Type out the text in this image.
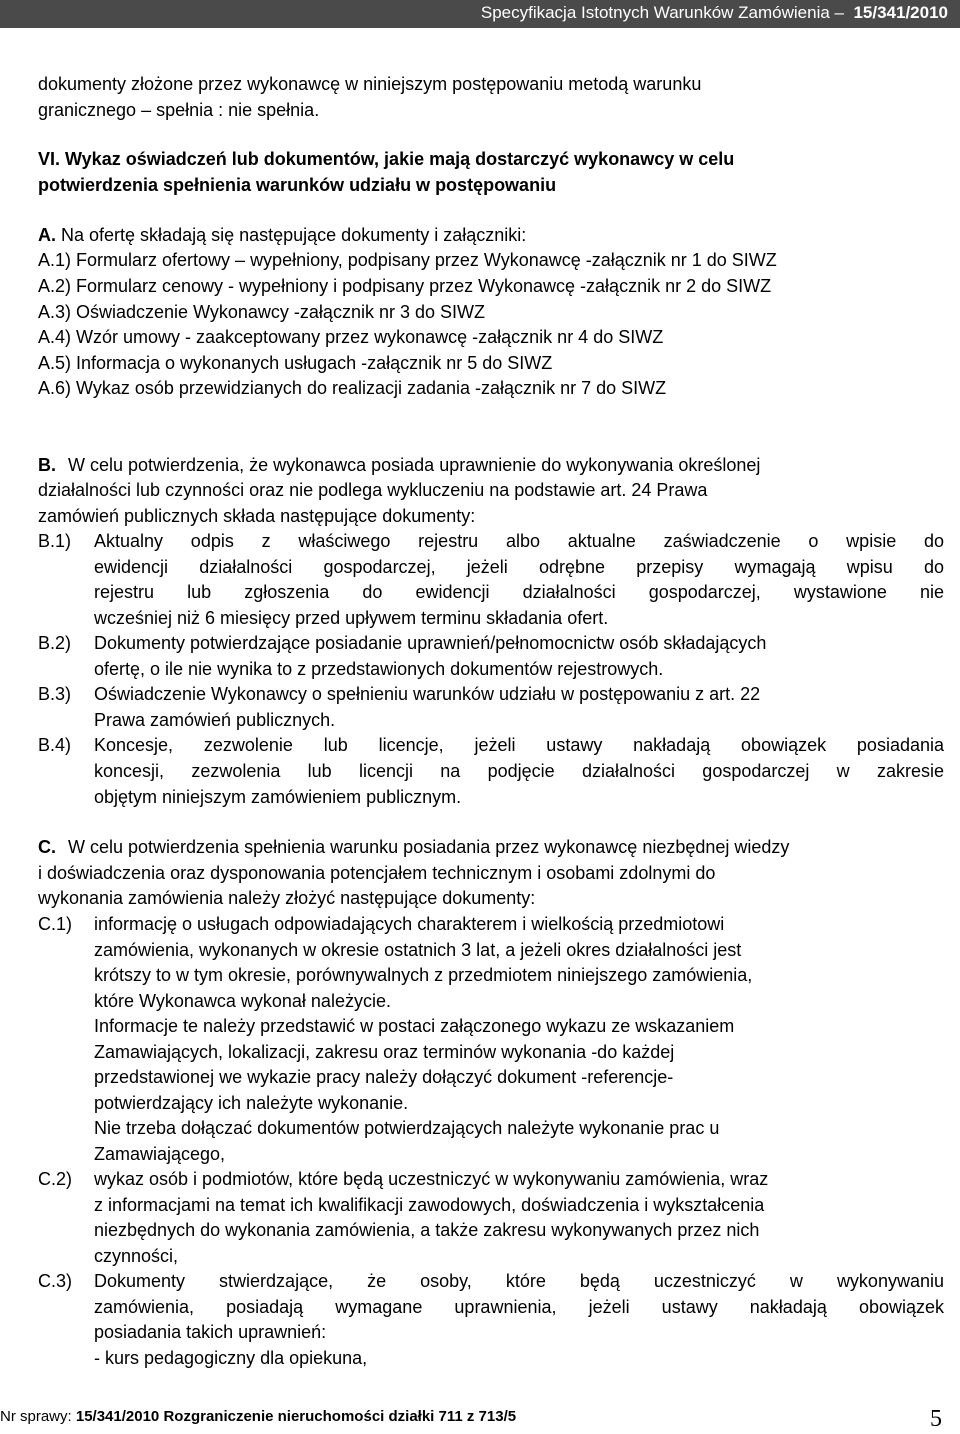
Specyfikacja Istotnych Warunków Zamówienia – 15/341/2010
dokumenty złożone przez wykonawcę w niniejszym postępowaniu metodą warunku
granicznego – spełnia : nie spełnia.
VI. Wykaz oświadczeń lub dokumentów, jakie mają dostarczyć wykonawcy w celu
potwierdzenia spełnienia warunków udziału w postępowaniu
A. Na ofertę składają się następujące dokumenty i załączniki:
A.1) Formularz ofertowy – wypełniony, podpisany przez Wykonawcę -załącznik nr 1 do SIWZ
A.2) Formularz cenowy - wypełniony i podpisany przez Wykonawcę -załącznik nr 2 do SIWZ
A.3) Oświadczenie Wykonawcy -załącznik nr 3 do SIWZ
A.4) Wzór umowy - zaakceptowany przez wykonawcę -załącznik nr 4 do SIWZ
A.5) Informacja o wykonanych usługach -załącznik nr 5 do SIWZ
A.6) Wykaz osób przewidzianych do realizacji zadania -załącznik nr 7 do SIWZ
B. W celu potwierdzenia, że wykonawca posiada uprawnienie do wykonywania określonej
działalności lub czynności oraz nie podlega wykluczeniu na podstawie art. 24 Prawa
zamówień publicznych składa następujące dokumenty:
B.1) Aktualny odpis z właściwego rejestru albo aktualne zaświadczenie o wpisie do
ewidencji działalności gospodarczej, jeżeli odrębne przepisy wymagają wpisu do
rejestru lub zgłoszenia do ewidencji działalności gospodarczej, wystawione nie
wcześniej niż 6 miesięcy przed upływem terminu składania ofert.
B.2) Dokumenty potwierdzające posiadanie uprawnień/pełnomocnictw osób składających
ofertę, o ile nie wynika to z przedstawionych dokumentów rejestrowych.
B.3) Oświadczenie Wykonawcy o spełnieniu warunków udziału w postępowaniu z art. 22
Prawa zamówień publicznych.
B.4) Koncesje, zezwolenie lub licencje, jeżeli ustawy nakładają obowiązek posiadania
koncesji, zezwolenia lub licencji na podjęcie działalności gospodarczej w zakresie
objętym niniejszym zamówieniem publicznym.
C. W celu potwierdzenia spełnienia warunku posiadania przez wykonawcę niezbędnej wiedzy
i doświadczenia oraz dysponowania potencjałem technicznym i osobami zdolnymi do
wykonania zamówienia należy złożyć następujące dokumenty:
C.1) informację o usługach odpowiadających charakterem i wielkością przedmiotowi
zamówienia, wykonanych w okresie ostatnich 3 lat, a jeżeli okres działalności jest
krótszy to w tym okresie, porównywalnych z przedmiotem niniejszego zamówienia,
które Wykonawca wykonał należycie.
Informacje te należy przedstawić w postaci załączonego wykazu ze wskazaniem
Zamawiających, lokalizacji, zakresu oraz terminów wykonania -do każdej
przedstawionej we wykazie pracy należy dołączyć dokument -referencje-
potwierdzający ich należyte wykonanie.
Nie trzeba dołączać dokumentów potwierdzających należyte wykonanie prac u
Zamawiającego,
C.2) wykaz osób i podmiotów, które będą uczestniczyć w wykonywaniu zamówienia, wraz
z informacjami na temat ich kwalifikacji zawodowych, doświadczenia i wykształcenia
niezbędnych do wykonania zamówienia, a także zakresu wykonywanych przez nich
czynności,
C.3) Dokumenty stwierdzające, że osoby, które będą uczestniczyć w wykonywaniu
zamówienia, posiadają wymagane uprawnienia, jeżeli ustawy nakładają obowiązek
posiadania takich uprawnień:
- kurs pedagogiczny dla opiekuna,
Nr sprawy: 15/341/2010 Rozgraniczenie nieruchomości działki 711 z 713/5	5
